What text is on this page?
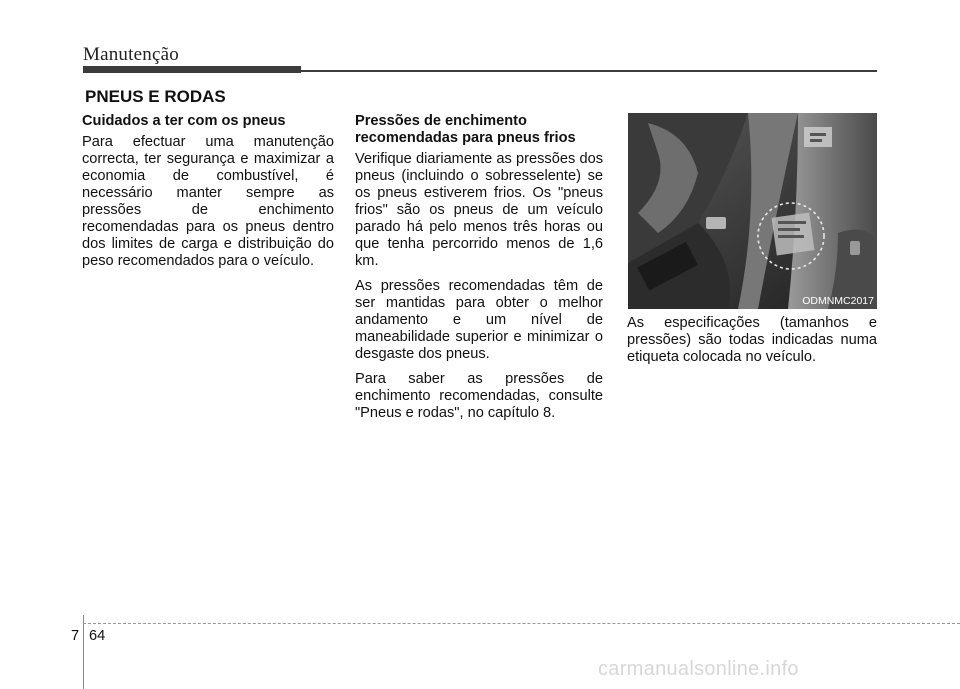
Manutenção
PNEUS E RODAS
Cuidados a ter com os pneus

Para efectuar uma manutenção correcta, ter segurança e maximizar a economia de combustível, é necessário manter sempre as pressões de enchimento recomendadas para os pneus dentro dos limites de carga e distribuição do peso recomendados para o veículo.

Pressões de enchimento recomendadas para pneus frios

Verifique diariamente as pressões dos pneus (incluindo o sobresselente) se os pneus estiverem frios. Os "pneus frios" são os pneus de um veículo parado há pelo menos três horas ou que tenha percorrido menos de 1,6 km.

As pressões recomendadas têm de ser mantidas para obter o melhor andamento e um nível de maneabilidade superior e minimizar o desgaste dos pneus.

Para saber as pressões de enchimento recomendadas, consulte "Pneus e rodas", no capítulo 8.

ODMNMC2017

As especificações (tamanhos e pressões) são todas indicadas numa etiqueta colocada no veículo.

7 64
carmanualsonline.info
